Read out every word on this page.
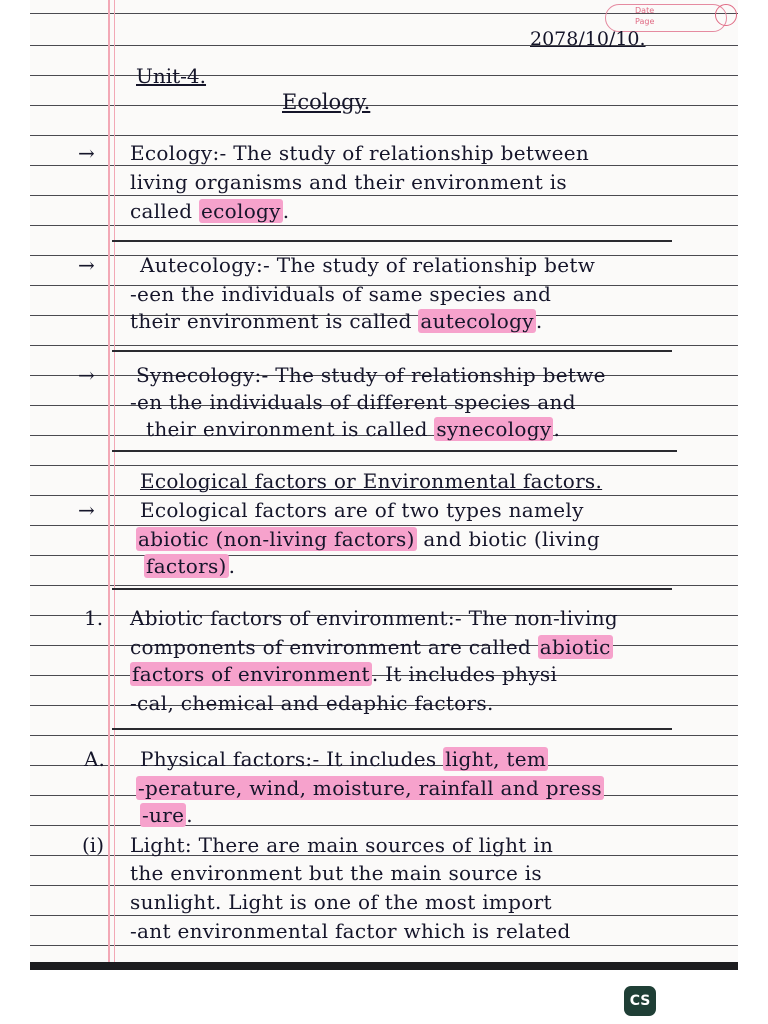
Date
Page
2078/10/10.
Unit-4.
Ecology.
→ Ecology:- The study of relationship between
living organisms and their environment is
called ecology .
→ Autecology:- The study of relationship betw
-een the individuals of same species and
their environment is called autecology .
→ Synecology:- The study of relationship betwe
-en the individuals of different species and
their environment is called synecology .
Ecological factors or Environmental factors.
→ Ecological factors are of two types namely
abiotic (non-living factors) and biotic (living
factors) .
1. Abiotic factors of environment:- The non-living
components of environment are called abiotic
factors of environment . It includes physi
-cal, chemical and edaphic factors.
A. Physical factors:- It includes light, tem
-perature, wind, moisture, rainfall and press
-ure .
(i) Light: There are main sources of light in
the environment but the main source is
sunlight. Light is one of the most import
-ant environmental factor which is related
CS
